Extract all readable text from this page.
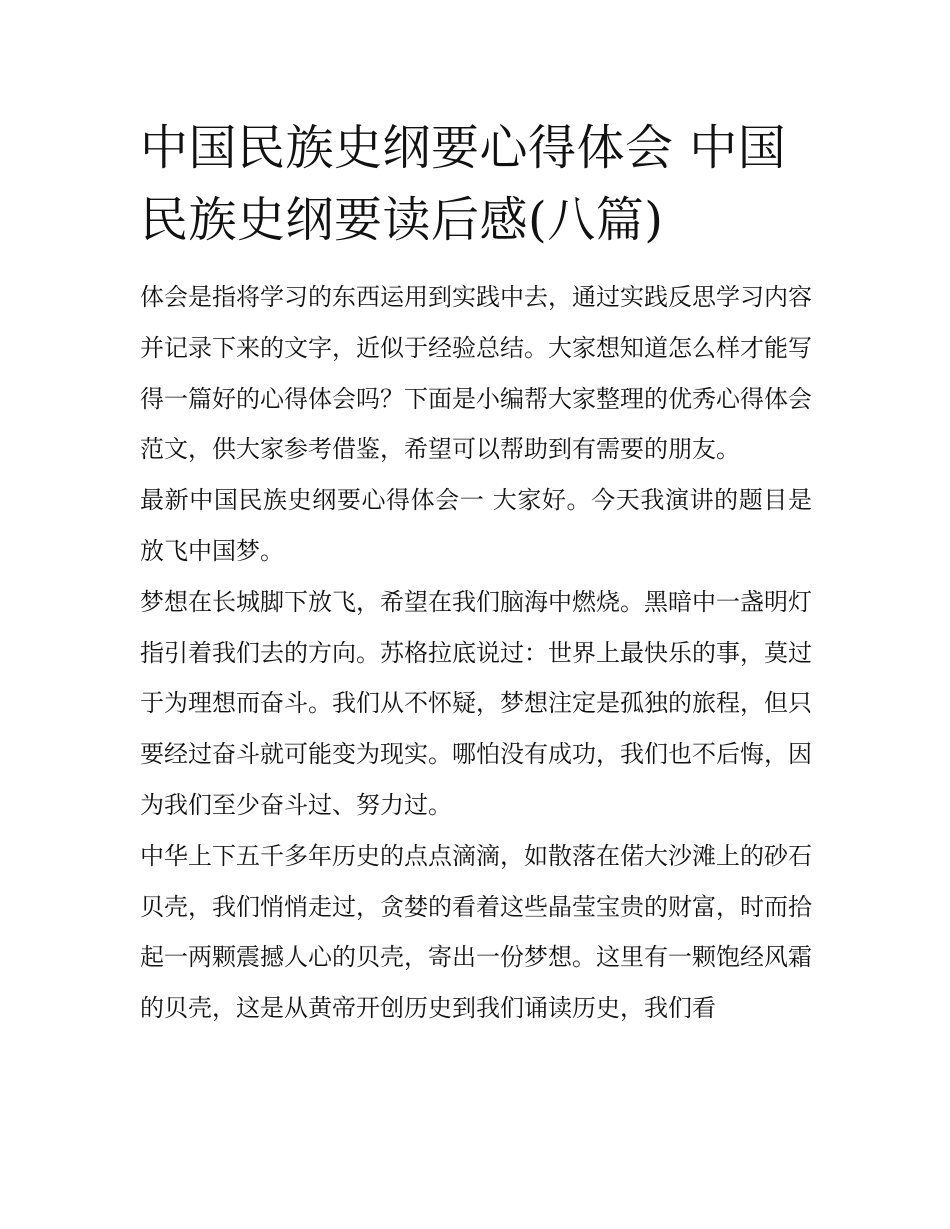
中国民族史纲要心得体会 中国民族史纲要读后感(八篇)

体会是指将学习的东西运用到实践中去，通过实践反思学习内容并记录下来的文字，近似于经验总结。大家想知道怎么样才能写得一篇好的心得体会吗？下面是小编帮大家整理的优秀心得体会范文，供大家参考借鉴，希望可以帮助到有需要的朋友。

最新中国民族史纲要心得体会一 大家好。今天我演讲的题目是放飞中国梦。

梦想在长城脚下放飞，希望在我们脑海中燃烧。黑暗中一盏明灯指引着我们去的方向。苏格拉底说过：世界上最快乐的事，莫过于为理想而奋斗。我们从不怀疑，梦想注定是孤独的旅程，但只要经过奋斗就可能变为现实。哪怕没有成功，我们也不后悔，因为我们至少奋斗过、努力过。

中华上下五千多年历史的点点滴滴，如散落在偌大沙滩上的砂石贝壳，我们悄悄走过，贪婪的看着这些晶莹宝贵的财富，时而拾起一两颗震撼人心的贝壳，寄出一份梦想。这里有一颗饱经风霜的贝壳，这是从黄帝开创历史到我们诵读历史，我们看
